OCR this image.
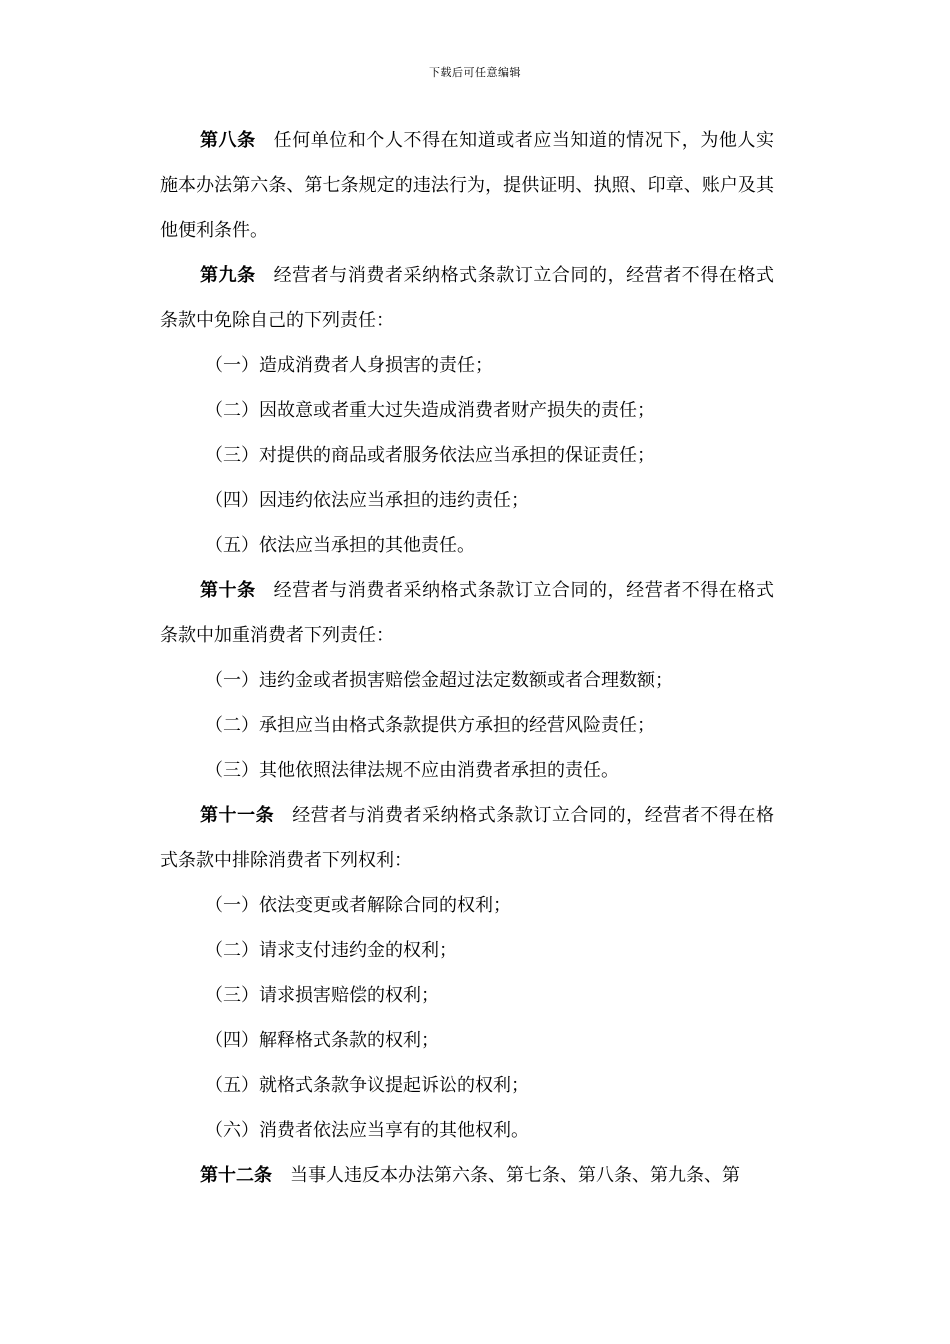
下载后可任意编辑

第八条 任何单位和个人不得在知道或者应当知道的情况下，为他人实施本办法第六条、第七条规定的违法行为，提供证明、执照、印章、账户及其他便利条件。

第九条 经营者与消费者采纳格式条款订立合同的，经营者不得在格式条款中免除自己的下列责任：

（一）造成消费者人身损害的责任；

（二）因故意或者重大过失造成消费者财产损失的责任；

（三）对提供的商品或者服务依法应当承担的保证责任；

（四）因违约依法应当承担的违约责任；

（五）依法应当承担的其他责任。

第十条 经营者与消费者采纳格式条款订立合同的，经营者不得在格式条款中加重消费者下列责任：

（一）违约金或者损害赔偿金超过法定数额或者合理数额；

（二）承担应当由格式条款提供方承担的经营风险责任；

（三）其他依照法律法规不应由消费者承担的责任。

第十一条 经营者与消费者采纳格式条款订立合同的，经营者不得在格式条款中排除消费者下列权利：

（一）依法变更或者解除合同的权利；

（二）请求支付违约金的权利；

（三）请求损害赔偿的权利；

（四）解释格式条款的权利；

（五）就格式条款争议提起诉讼的权利；

（六）消费者依法应当享有的其他权利。

第十二条 当事人违反本办法第六条、第七条、第八条、第九条、第
